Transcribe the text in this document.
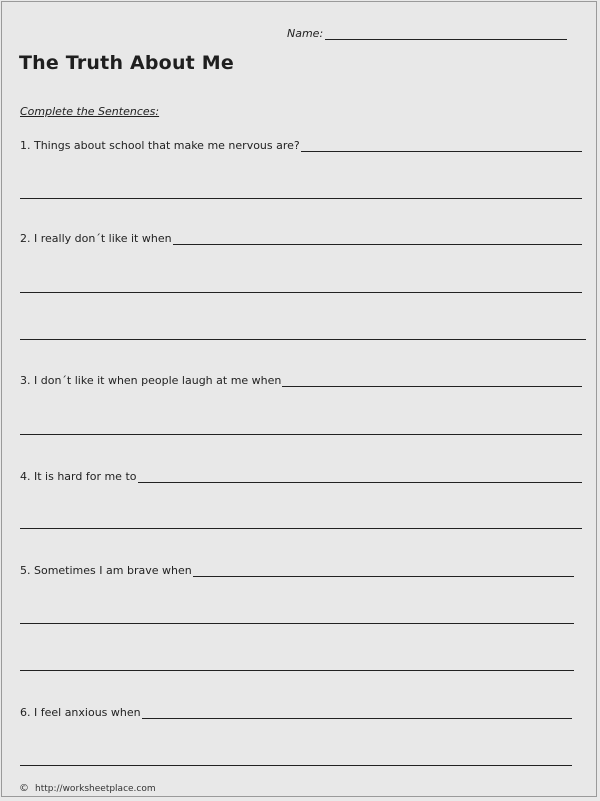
Name:
The Truth About Me
Complete the Sentences:
1. Things about school that make me nervous are?
2. I really don´t like it when
3. I don´t like it when people laugh at me when
4. It is hard for me to
5. Sometimes I am brave when
6. I feel anxious when
© http://worksheetplace.com
